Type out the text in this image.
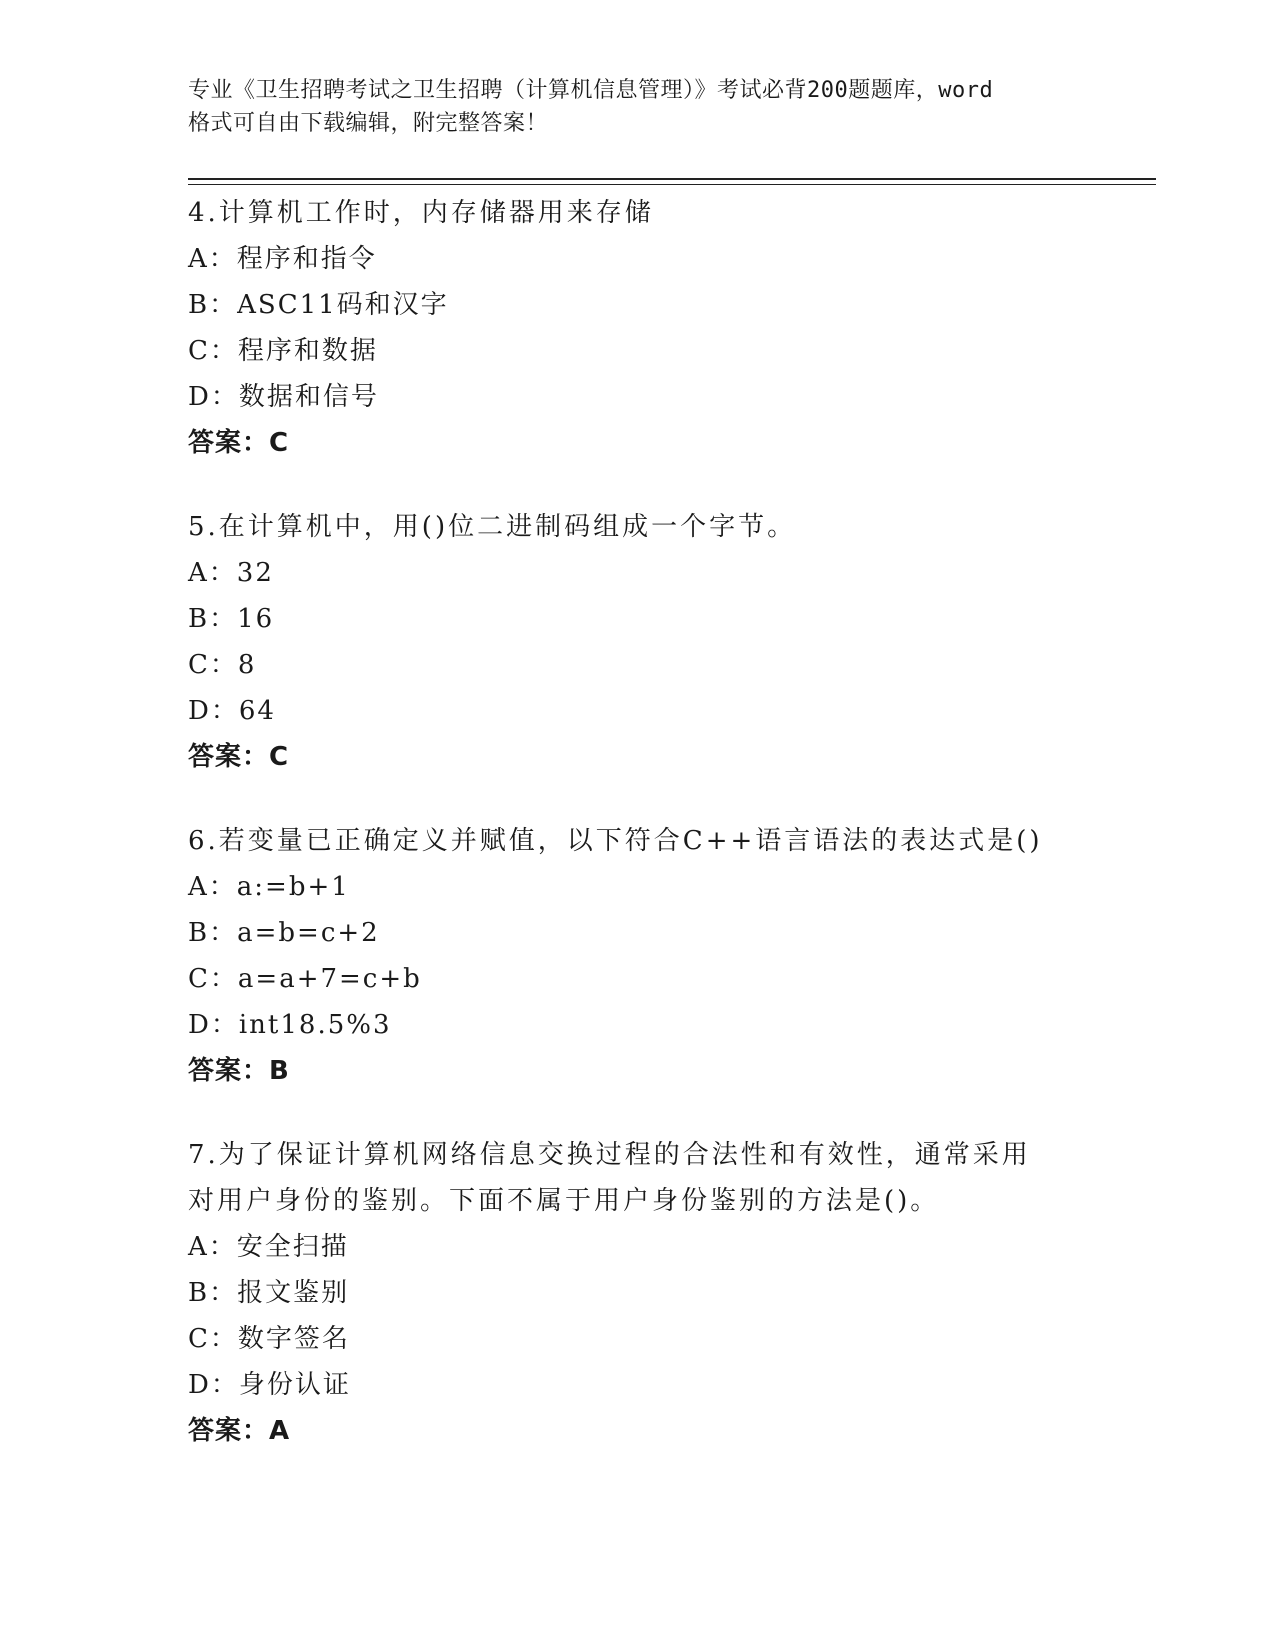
专业《卫生招聘考试之卫生招聘（计算机信息管理）》考试必背200题题库，word
格式可自由下载编辑，附完整答案！
4.计算机工作时，内存储器用来存储
A：程序和指令
B：ASC11码和汉字
C：程序和数据
D：数据和信号
答案：C
5.在计算机中，用()位二进制码组成一个字节。
A：32
B：16
C：8
D：64
答案：C
6.若变量已正确定义并赋值，以下符合C++语言语法的表达式是()
A：a:=b+1
B：a=b=c+2
C：a=a+7=c+b
D：int18.5%3
答案：B
7.为了保证计算机网络信息交换过程的合法性和有效性，通常采用对用户身份的鉴别。下面不属于用户身份鉴别的方法是()。
A：安全扫描
B：报文鉴别
C：数字签名
D：身份认证
答案：A
